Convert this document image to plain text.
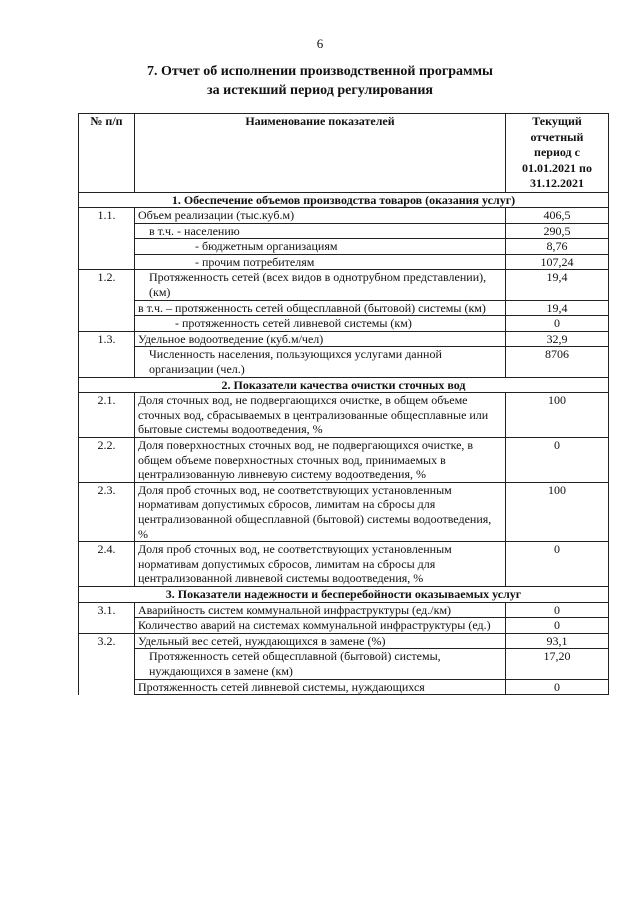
6
7. Отчет об исполнении производственной программы
за истекший период регулирования
№ п/п	Наименование показателей	Текущий
отчетный
период с
01.01.2021 по
31.12.2021

1. Обеспечение объемов производства товаров (оказания услуг)		
1.1.	Объем реализации (тыс.куб.м)	406,5
	в т.ч. - населению	290,5
	- бюджетным организациям	8,76
	- прочим потребителям	107,24
1.2.	Протяженность сетей (всех видов в однотрубном представлении), (км)	19,4
	в т.ч. – протяженность сетей общесплавной (бытовой) системы (км)	19,4
	- протяженность сетей ливневой системы (км)	0
1.3.	Удельное водоотведение (куб.м/чел)	32,9
	Численность населения, пользующихся услугами данной организации (чел.)	8706
2. Показатели качества очистки сточных вод		
2.1.	Доля сточных вод, не подвергающихся очистке, в общем объеме сточных вод, сбрасываемых в централизованные общесплавные или бытовые системы водоотведения, %	100
2.2.	Доля поверхностных сточных вод, не подвергающихся очистке, в общем объеме поверхностных сточных вод, принимаемых в централизованную ливневую систему водоотведения, %	0
2.3.	Доля проб сточных вод, не соответствующих установленным нормативам допустимых сбросов, лимитам на сбросы для централизованной общесплавной (бытовой) системы водоотведения, %	100
2.4.	Доля проб сточных вод, не соответствующих установленным нормативам допустимых сбросов, лимитам на сбросы для централизованной ливневой системы водоотведения, %	0
3. Показатели надежности и бесперебойности оказываемых услуг		
3.1.	Аварийность систем коммунальной инфраструктуры (ед./км)	0
	Количество аварий на системах коммунальной инфраструктуры (ед.)	0
3.2.	Удельный вес сетей, нуждающихся в замене (%)	93,1
	Протяженность сетей общесплавной (бытовой) системы, нуждающихся в замене (км)	17,20
	Протяженность сетей ливневой системы, нуждающихся	0
